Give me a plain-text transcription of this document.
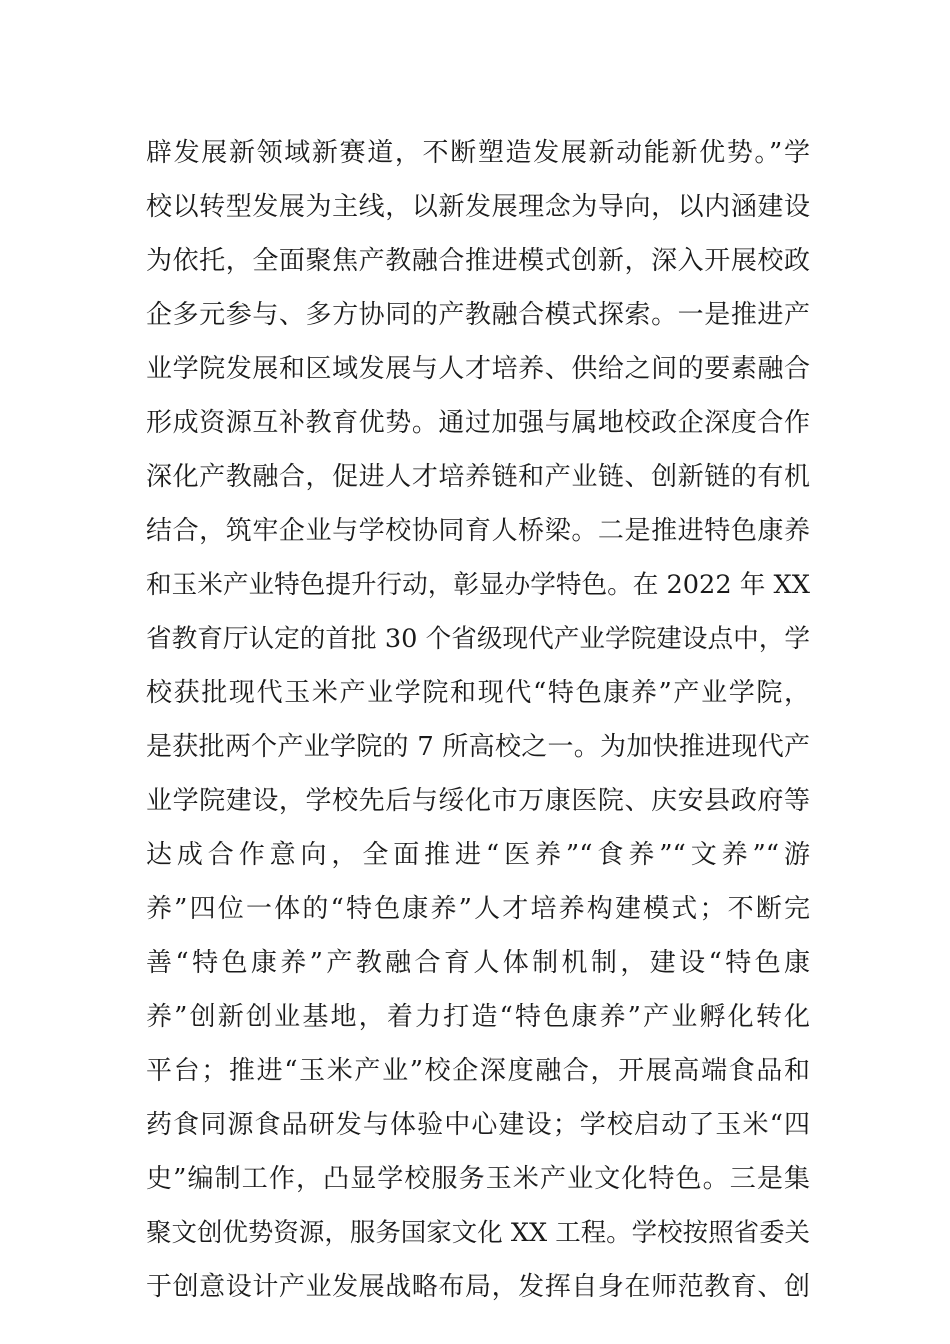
辟发展新领域新赛道，不断塑造发展新动能新优势。”学
校以转型发展为主线，以新发展理念为导向，以内涵建设
为依托，全面聚焦产教融合推进模式创新，深入开展校政
企多元参与、多方协同的产教融合模式探索。一是推进产
业学院发展和区域发展与人才培养、供给之间的要素融合
形成资源互补教育优势。通过加强与属地校政企深度合作
深化产教融合，促进人才培养链和产业链、创新链的有机
结合，筑牢企业与学校协同育人桥梁。二是推进特色康养
和玉米产业特色提升行动，彰显办学特色。在 2022 年 XX
省教育厅认定的首批 30 个省级现代产业学院建设点中，学
校获批现代玉米产业学院和现代“特色康养”产业学院，
是获批两个产业学院的 7 所高校之一。为加快推进现代产
业学院建设，学校先后与绥化市万康医院、庆安县政府等
达成合作意向，全面推进“医养”“食养”“文养”“游
养”四位一体的“特色康养”人才培养构建模式；不断完
善“特色康养”产教融合育人体制机制，建设“特色康
养”创新创业基地，着力打造“特色康养”产业孵化转化
平台；推进“玉米产业”校企深度融合，开展高端食品和
药食同源食品研发与体验中心建设；学校启动了玉米“四
史”编制工作，凸显学校服务玉米产业文化特色。三是集
聚文创优势资源，服务国家文化 XX 工程。学校按照省委关
于创意设计产业发展战略布局，发挥自身在师范教育、创
